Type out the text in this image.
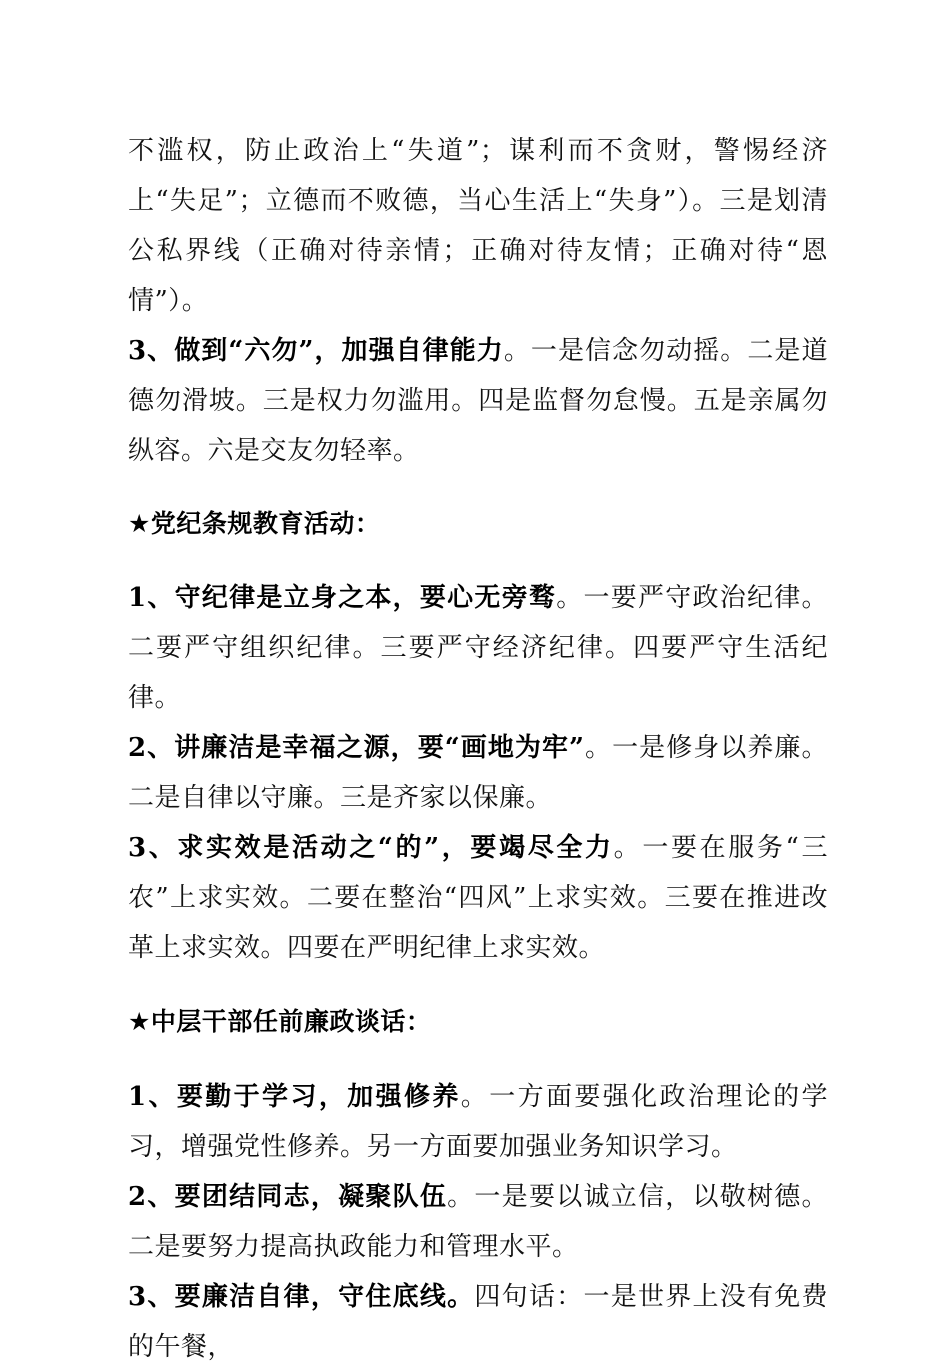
不滥权，防止政治上“失道”；谋利而不贪财，警惕经济上“失足”；立德而不败德，当心生活上“失身”）。三是划清公私界线（正确对待亲情；正确对待友情；正确对待“恩情”）。

3、做到“六勿”，加强自律能力。一是信念勿动摇。二是道德勿滑坡。三是权力勿滥用。四是监督勿怠慢。五是亲属勿纵容。六是交友勿轻率。

★党纪条规教育活动：

1、守纪律是立身之本，要心无旁骛。一要严守政治纪律。二要严守组织纪律。三要严守经济纪律。四要严守生活纪律。

2、讲廉洁是幸福之源，要“画地为牢”。一是修身以养廉。二是自律以守廉。三是齐家以保廉。

3、求实效是活动之“的”，要竭尽全力。一要在服务“三农”上求实效。二要在整治“四风”上求实效。三要在推进改革上求实效。四要在严明纪律上求实效。

★中层干部任前廉政谈话：

1、要勤于学习，加强修养。一方面要强化政治理论的学习，增强党性修养。另一方面要加强业务知识学习。

2、要团结同志，凝聚队伍。一是要以诚立信，以敬树德。二是要努力提高执政能力和管理水平。

3、要廉洁自律，守住底线。四句话：一是世界上没有免费的午餐，
